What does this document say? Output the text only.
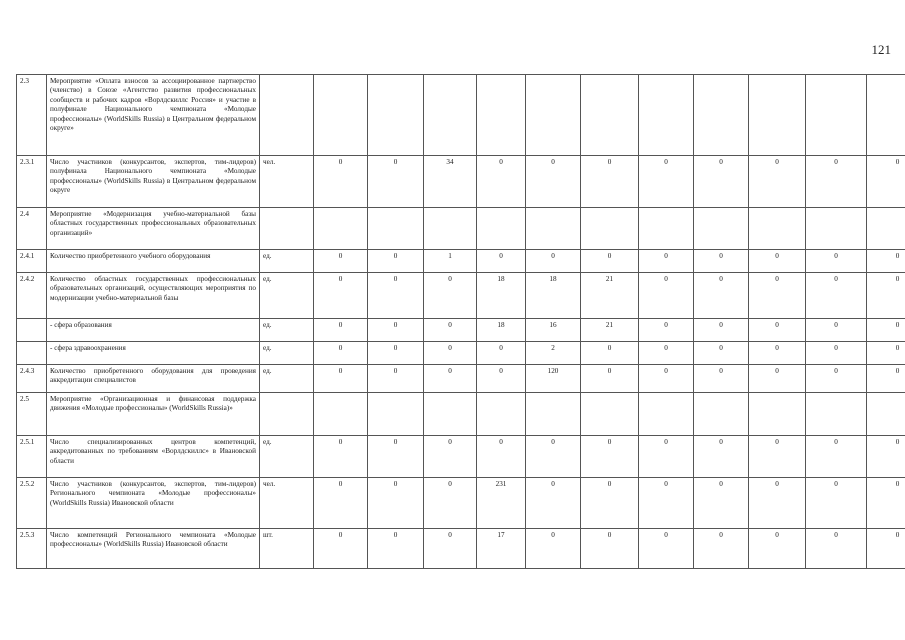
121
2.3	Мероприятие «Оплата взносов за ассоциированное партнерство (членство) в Союзе «Агентство развития профессиональных сообществ и рабочих кадров «Ворлдскиллс Россия» и участие в полуфинале Национального чемпионата «Молодые профессионалы» (WorldSkills Russia) в Центральном федеральном округе»												
2.3.1	Число участников (конкурсантов, экспертов, тим-лидеров) полуфинала Национального чемпионата «Молодые профессионалы» (WorldSkills Russia) в Центральном федеральном округе	чел.	0	0	34	0	0	0	0	0	0	0	0
2.4	Мероприятие «Модернизация учебно-материальной базы областных государственных профессиональных образовательных организаций»												
2.4.1	Количество приобретенного учебного оборудования	ед.	0	0	1	0	0	0	0	0	0	0	0
2.4.2	Количество областных государственных профессиональных образовательных организаций, осуществляющих мероприятия по модернизации учебно-материальной базы	ед.	0	0	0	18	18	21	0	0	0	0	0
	- сфера образования	ед.	0	0	0	18	16	21	0	0	0	0	0
	- сфера здравоохранения	ед.	0	0	0	0	2	0	0	0	0	0	0
2.4.3	Количество приобретенного оборудования для проведения аккредитации специалистов	ед.	0	0	0	0	120	0	0	0	0	0	0
2.5	Мероприятие «Организационная и финансовая поддержка движения «Молодые профессионалы» (WorldSkills Russia)»												
2.5.1	Число специализированных центров компетенций, аккредитованных по требованиям «Ворлдскиллс» в Ивановской области	ед.	0	0	0	0	0	0	0	0	0	0	0
2.5.2	Число участников (конкурсантов, экспертов, тим-лидеров) Регионального чемпионата «Молодые профессионалы» (WorldSkills Russia) Ивановской области	чел.	0	0	0	231	0	0	0	0	0	0	0
2.5.3	Число компетенций Регионального чемпионата «Молодые профессионалы» (WorldSkills Russia) Ивановской области	шт.	0	0	0	17	0	0	0	0	0	0	0
